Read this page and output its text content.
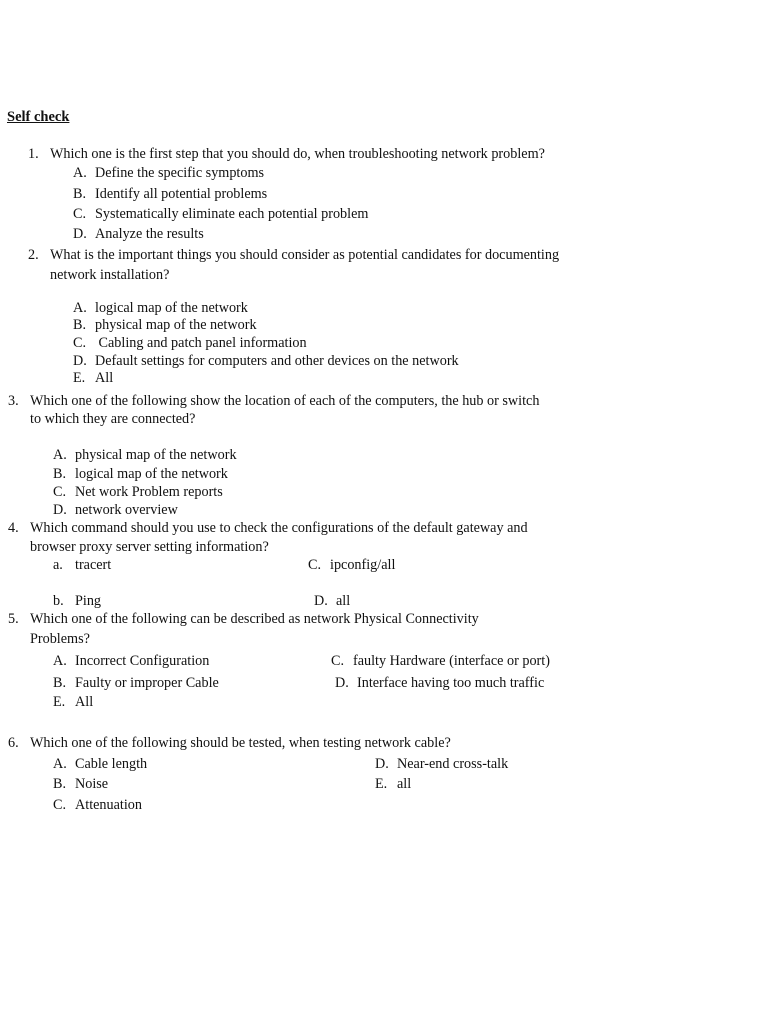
Self check
1. Which one is the first step that you should do, when troubleshooting network problem?
A. Define the specific symptoms
B. Identify all potential problems
C. Systematically eliminate each potential problem
D. Analyze the results
2. What is the important things you should consider as potential candidates for documenting
network installation?
A. logical map of the network
B. physical map of the network
C. Cabling and patch panel information
D. Default settings for computers and other devices on the network
E. All
3. Which one of the following show the location of each of the computers, the hub or switch
to which they are connected?
A. physical map of the network
B. logical map of the network
C. Net work Problem reports
D. network overview
4. Which command should you use to check the configurations of the default gateway and
browser proxy server setting information?
a. tracert	C. ipconfig/all
b. Ping	D. all
5. Which one of the following can be described as network Physical Connectivity
Problems?
A. Incorrect Configuration	C. faulty Hardware (interface or port)
B. Faulty or improper Cable	D. Interface having too much traffic
E. All
6. Which one of the following should be tested, when testing network cable?
A. Cable length	D. Near-end cross-talk
B. Noise	E. all
C. Attenuation
